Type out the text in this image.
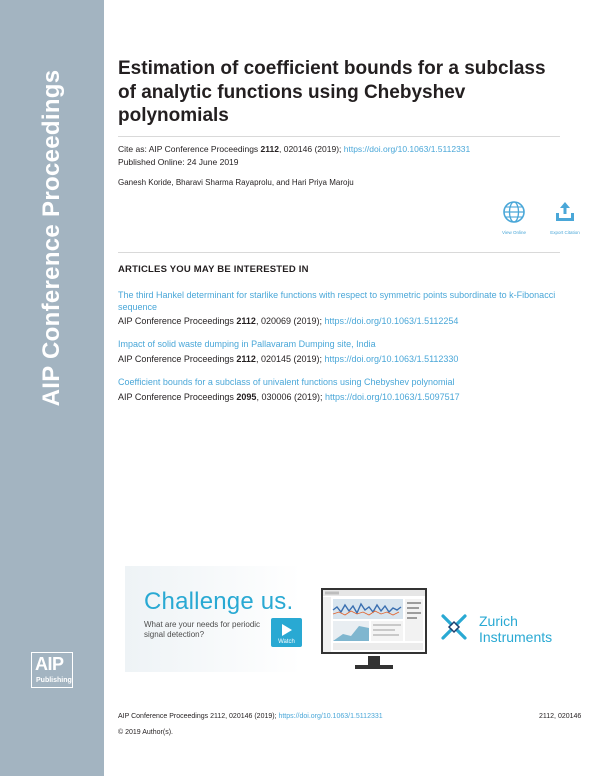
AIP Conference Proceedings
AIP
Publishing
Estimation of coefficient bounds for a subclass of analytic functions using Chebyshev polynomials
Cite as: AIP Conference Proceedings 2112, 020146 (2019); https://doi.org/10.1063/1.5112331
Published Online: 24 June 2019
Ganesh Koride, Bharavi Sharma Rayaprolu, and Hari Priya Maroju
View Online	Export Citation
ARTICLES YOU MAY BE INTERESTED IN
The third Hankel determinant for starlike functions with respect to symmetric points subordinate to k-Fibonacci sequence
AIP Conference Proceedings 2112, 020069 (2019); https://doi.org/10.1063/1.5112254
Impact of solid waste dumping in Pallavaram Dumping site, India
AIP Conference Proceedings 2112, 020145 (2019); https://doi.org/10.1063/1.5112330
Coefficient bounds for a subclass of univalent functions using Chebyshev polynomial
AIP Conference Proceedings 2095, 030006 (2019); https://doi.org/10.1063/1.5097517
Challenge us.
What are your needs for periodic signal detection?
Watch
Zurich
Instruments
AIP Conference Proceedings 2112, 020146 (2019); https://doi.org/10.1063/1.5112331	2112, 020146
© 2019 Author(s).
